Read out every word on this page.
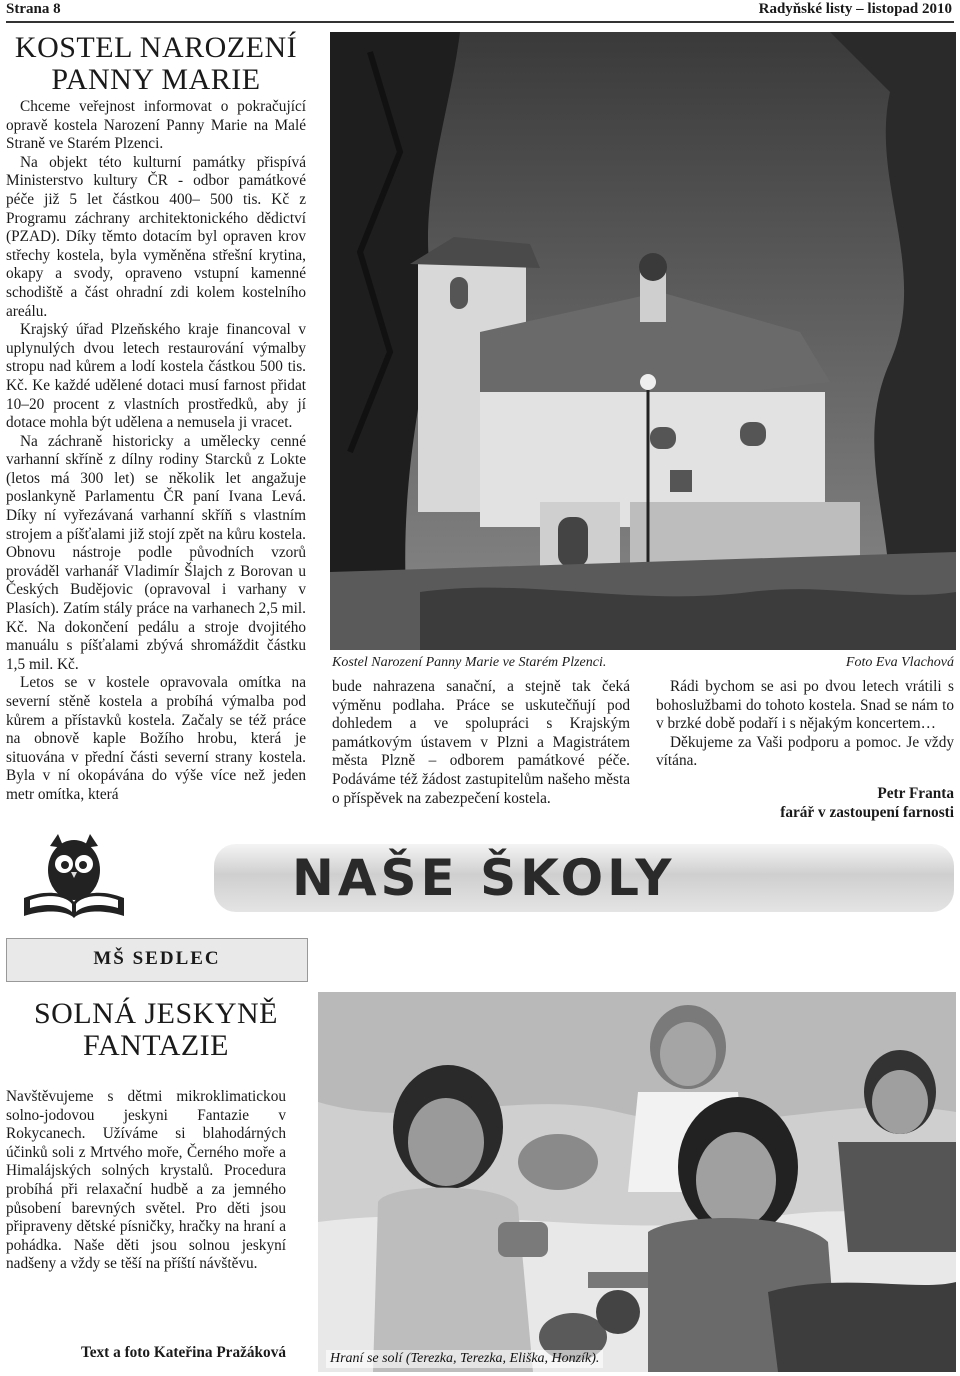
Strana 8	Radyňské listy – listopad 2010
KOSTEL NAROZENÍ
PANNY MARIE

Chceme veřejnost informovat o pokračující opravě kostela Narození Panny Marie na Malé Straně ve Starém Plzenci.

Na objekt této kulturní památky přispívá Ministerstvo kultury ČR - odbor památkové péče již 5 let částkou 400– 500 tis. Kč z Programu záchrany architektonického dědictví (PZAD). Díky těmto dotacím byl opraven krov střechy kostela, byla vyměněna střešní krytina, okapy a svody, opraveno vstupní kamenné schodiště a část ohradní zdi kolem kostelního areálu.

Krajský úřad Plzeňského kraje financoval v uplynulých dvou letech restaurování výmalby stropu nad kůrem a lodí kostela částkou 500 tis. Kč. Ke každé udělené dotaci musí farnost přidat 10–20 procent z vlastních prostředků, aby jí dotace mohla být udělena a nemusela ji vracet.

Na záchraně historicky a umělecky cenné varhanní skříně z dílny rodiny Starcků z Lokte (letos má 300 let) se několik let angažuje poslankyně Parlamentu ČR paní Ivana Levá. Díky ní vyřezávaná varhanní skříň s vlastním strojem a píšťalami již stojí zpět na kůru kostela. Obnovu nástroje podle původních vzorů prováděl varhanář Vladimír Šlajch z Borovan u Českých Budějovic (opravoval i varhany v Plasích). Zatím stály práce na varhanech 2,5 mil. Kč. Na dokončení pedálu a stroje dvojitého manuálu s píšťalami zbývá shromáždit částku 1,5 mil. Kč.

Letos se v kostele opravovala omítka na severní stěně kostela a probíhá výmalba pod kůrem a přístavků kostela. Začaly se též práce na obnově kaple Božího hrobu, která je situována v přední části severní strany kostela. Byla v ní okopávána do výše více než jeden metr omítka, která

Kostel Narození Panny Marie ve Starém Plzenci.	Foto Eva Vlachová

bude nahrazena sanační, a stejně tak čeká výměnu podlaha. Práce se uskutečňují pod dohledem a ve spolupráci s Krajským památkovým ústavem v Plzni a Magistrátem města Plzně – odborem památkové péče. Podáváme též žádost zastupitelům našeho města o příspěvek na zabezpečení kostela.

Rádi bychom se asi po dvou letech vrátili s bohoslužbami do tohoto kostela. Snad se nám to v brzké době podaří i s nějakým koncertem…

Děkujeme za Vaši podporu a pomoc. Je vždy vítána.

Petr Franta
farář v zastoupení farnosti
NAŠE ŠKOLY
MŠ SEDLEC
SOLNÁ JESKYNĚ
FANTAZIE

Navštěvujeme s dětmi mikroklimatickou solno-jodovou jeskyni Fantazie v Rokycanech. Užíváme si blahodárných účinků soli z Mrtvého moře, Černého moře a Himalájských solných krystalů. Procedura probíhá při relaxační hudbě a za jemného působení barevných světel. Pro děti jsou připraveny dětské písničky, hračky na hraní a pohádka. Naše děti jsou solnou jeskyní nadšeny a vždy se těší na příští návštěvu.

Text a foto Kateřina Pražáková	Hraní se solí (Terezka, Terezka, Eliška, Honzík).
